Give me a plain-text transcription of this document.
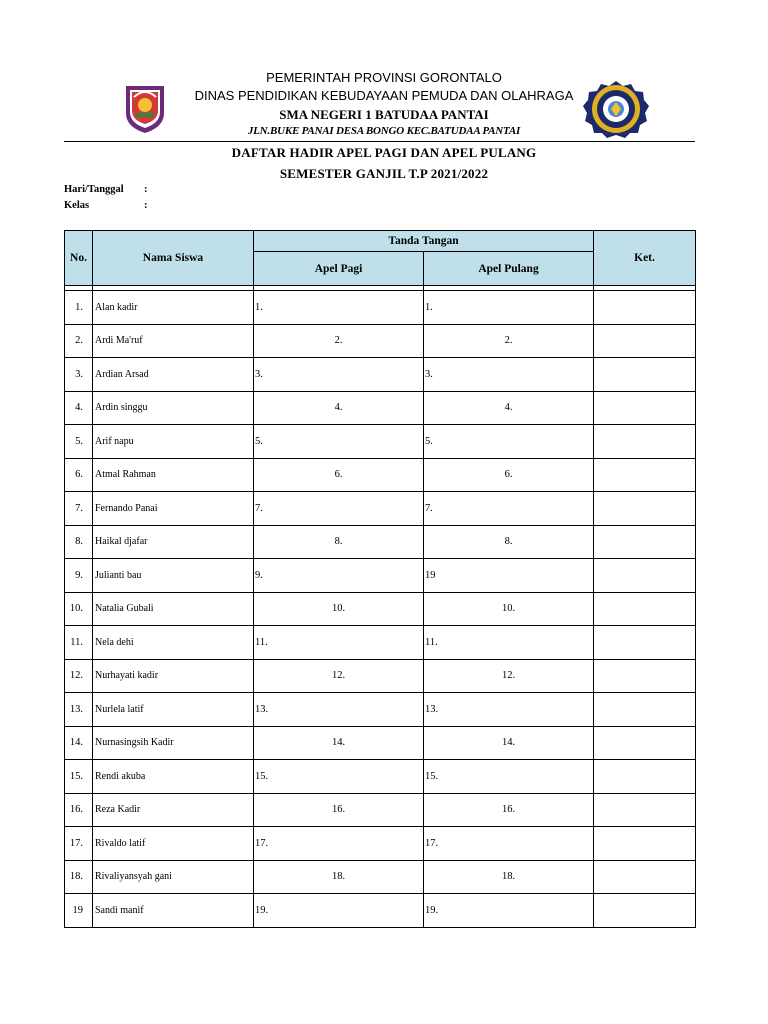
PEMERINTAH PROVINSI GORONTALO
DINAS PENDIDIKAN KEBUDAYAAN PEMUDA DAN OLAHRAGA
SMA NEGERI 1 BATUDAA PANTAI
JLN.BUKE PANAI DESA BONGO KEC.BATUDAA PANTAI
DAFTAR HADIR APEL PAGI DAN APEL PULANG
SEMESTER GANJIL T.P 2021/2022
Hari/Tanggal :
Kelas	:
No.	Nama Siswa	Tanda Tangan		Ket.
		Apel Pagi	Apel Pulang	

1.	Alan kadir	1.	1.	
2.	Ardi Ma'ruf	2.	2.	
3.	Ardian Arsad	3.	3.	
4.	Ardin singgu	4.	4.	
5.	Arif napu	5.	5.	
6.	Atmal Rahman	6.	6.	
7.	Fernando Panai	7.	7.	
8.	Haikal djafar	8.	8.	
9.	Julianti bau	9.	19	
10.	Natalia Gubali	10.	10.	
11.	Nela dehi	11.	11.	
12.	Nurhayati kadir	12.	12.	
13.	Nurlela latif	13.	13.	
14.	Nurnasingsih Kadir	14.	14.	
15.	Rendi akuba	15.	15.	
16.	Reza Kadir	16.	16.	
17.	Rivaldo latif	17.	17.	
18.	Rivaliyansyah gani	18.	18.	
19	Sandi manif	19.	19.	
